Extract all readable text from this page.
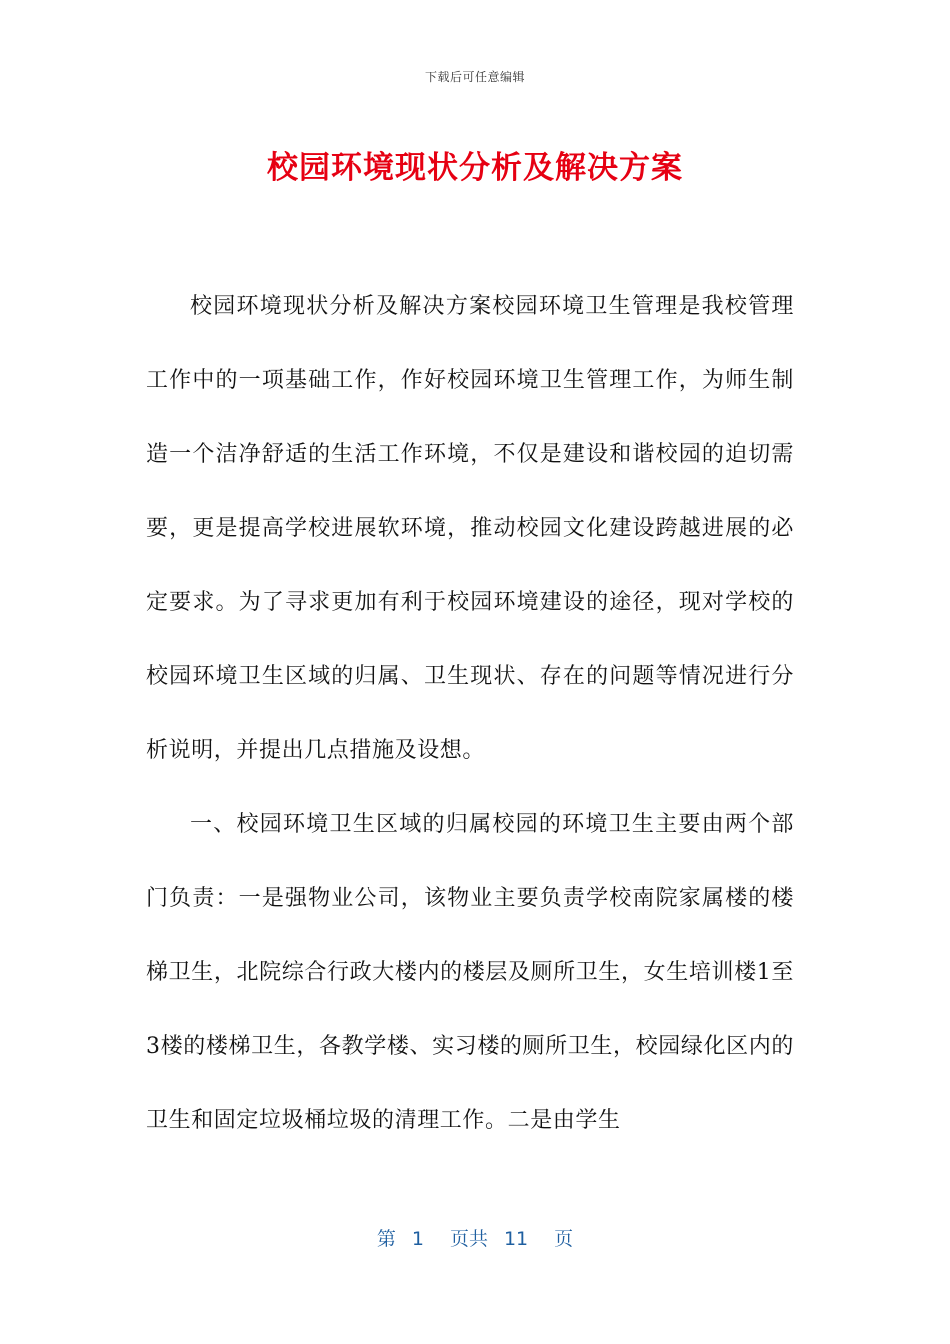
下载后可任意编辑
校园环境现状分析及解决方案

校园环境现状分析及解决方案校园环境卫生管理是我校管理工作中的一项基础工作，作好校园环境卫生管理工作，为师生制造一个洁净舒适的生活工作环境，不仅是建设和谐校园的迫切需要，更是提高学校进展软环境，推动校园文化建设跨越进展的必定要求。为了寻求更加有利于校园环境建设的途径，现对学校的校园环境卫生区域的归属、卫生现状、存在的问题等情况进行分析说明，并提出几点措施及设想。

一、校园环境卫生区域的归属校园的环境卫生主要由两个部门负责：一是强物业公司，该物业主要负责学校南院家属楼的楼梯卫生，北院综合行政大楼内的楼层及厕所卫生，女生培训楼1至3楼的楼梯卫生，各教学楼、实习楼的厕所卫生，校园绿化区内的卫生和固定垃圾桶垃圾的清理工作。二是由学生

第 1 页共 11 页
